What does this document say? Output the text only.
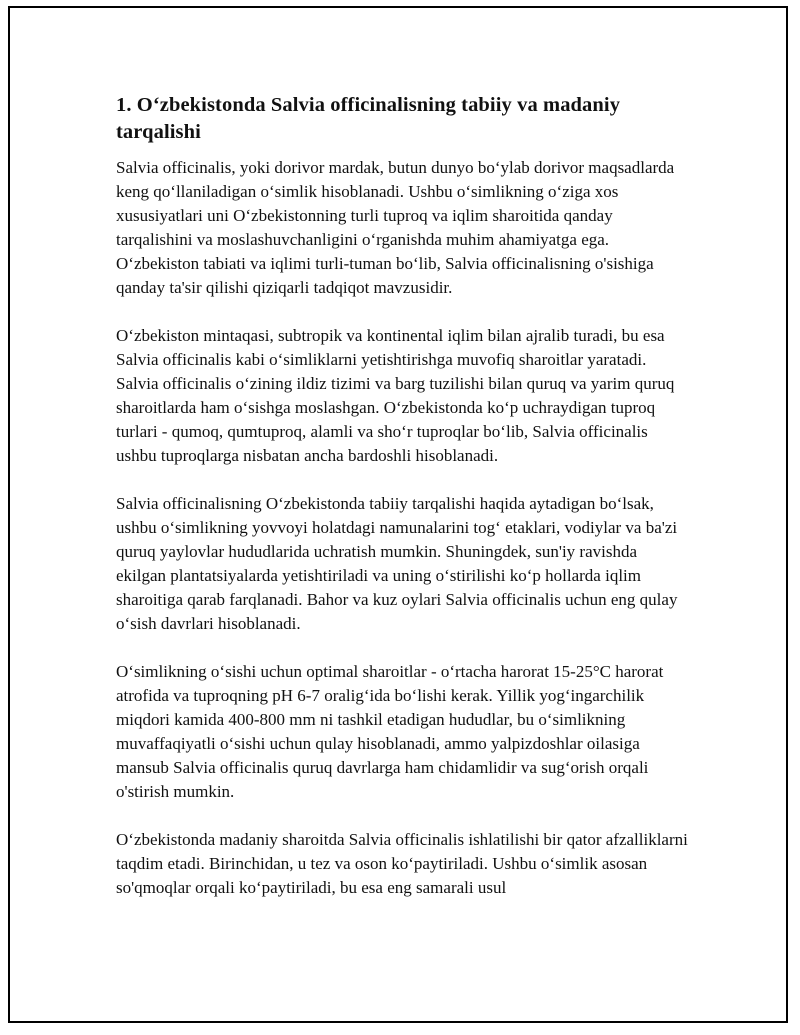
1. O‘zbekistonda Salvia officinalisning tabiiy va madaniy tarqalishi

Salvia officinalis, yoki dorivor mardak, butun dunyo bo‘ylab dorivor maqsadlarda keng qo‘llaniladigan o‘simlik hisoblanadi. Ushbu o‘simlikning o‘ziga xos xususiyatlari uni O‘zbekistonning turli tuproq va iqlim sharoitida qanday tarqalishini va moslashuvchanligini o‘rganishda muhim ahamiyatga ega. O‘zbekiston tabiati va iqlimi turli-tuman bo‘lib, Salvia officinalisning o'sishiga qanday ta'sir qilishi qiziqarli tadqiqot mavzusidir.

O‘zbekiston mintaqasi, subtropik va kontinental iqlim bilan ajralib turadi, bu esa Salvia officinalis kabi o‘simliklarni yetishtirishga muvofiq sharoitlar yaratadi. Salvia officinalis o‘zining ildiz tizimi va barg tuzilishi bilan quruq va yarim quruq sharoitlarda ham o‘sishga moslashgan. O‘zbekistonda ko‘p uchraydigan tuproq turlari - qumoq, qumtuproq, alamli va sho‘r tuproqlar bo‘lib, Salvia officinalis ushbu tuproqlarga nisbatan ancha bardoshli hisoblanadi.

Salvia officinalisning O‘zbekistonda tabiiy tarqalishi haqida aytadigan bo‘lsak, ushbu o‘simlikning yovvoyi holatdagi namunalarini tog‘ etaklari, vodiylar va ba'zi quruq yaylovlar hududlarida uchratish mumkin. Shuningdek, sun'iy ravishda ekilgan plantatsiyalarda yetishtiriladi va uning o‘stirilishi ko‘p hollarda iqlim sharoitiga qarab farqlanadi. Bahor va kuz oylari Salvia officinalis uchun eng qulay o‘sish davrlari hisoblanadi.

O‘simlikning o‘sishi uchun optimal sharoitlar - o‘rtacha harorat 15-25°C harorat atrofida va tuproqning pH 6-7 oralig‘ida bo‘lishi kerak. Yillik yog‘ingarchilik miqdori kamida 400-800 mm ni tashkil etadigan hududlar, bu o‘simlikning muvaffaqiyatli o‘sishi uchun qulay hisoblanadi, ammo yalpizdoshlar oilasiga mansub Salvia officinalis quruq davrlarga ham chidamlidir va sug‘orish orqali o'stirish mumkin.

O‘zbekistonda madaniy sharoitda Salvia officinalis ishlatilishi bir qator afzalliklarni taqdim etadi. Birinchidan, u tez va oson ko‘paytiriladi. Ushbu o‘simlik asosan so'qmoqlar orqali ko‘paytiriladi, bu esa eng samarali usul
